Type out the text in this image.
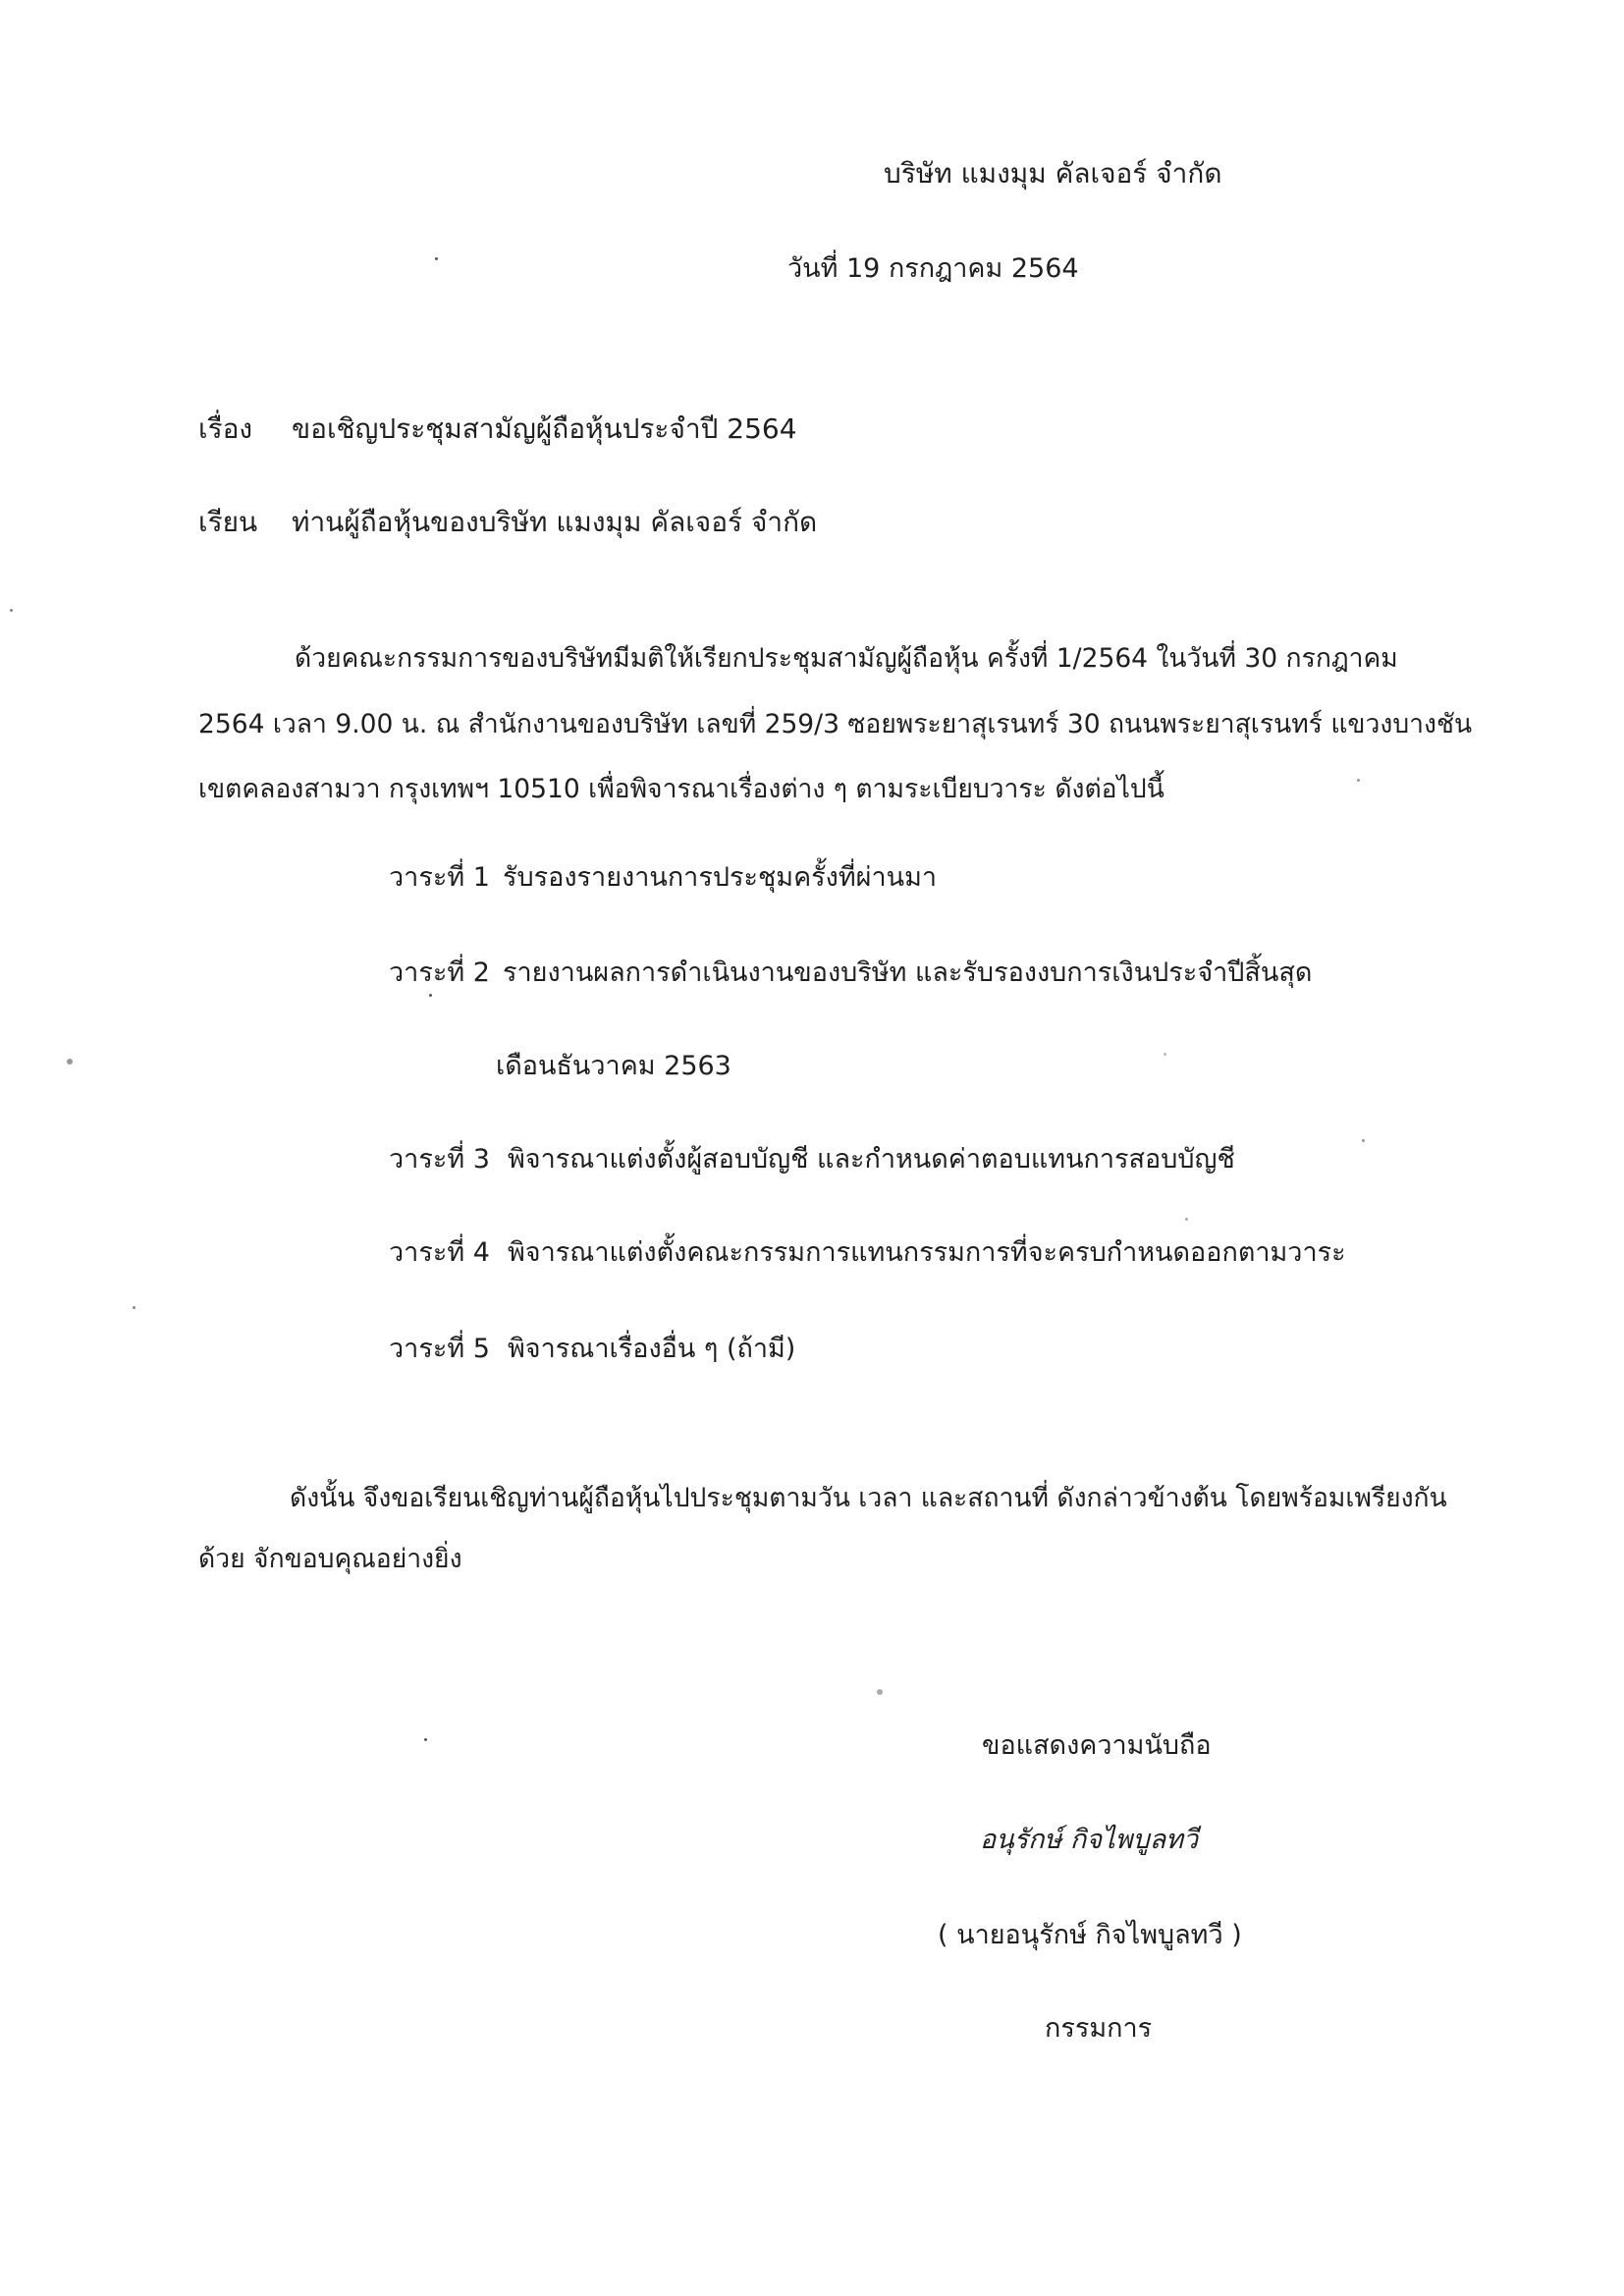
บริษัท แมงมุม คัลเจอร์ จำกัด
วันที่ 19 กรกฎาคม 2564
เรื่อง ขอเชิญประชุมสามัญผู้ถือหุ้นประจำปี 2564
เรียน ท่านผู้ถือหุ้นของบริษัท แมงมุม คัลเจอร์ จำกัด
ด้วยคณะกรรมการของบริษัทมีมติให้เรียกประชุมสามัญผู้ถือหุ้น ครั้งที่ 1/2564 ในวันที่ 30 กรกฎาคม
2564 เวลา 9.00 น. ณ สำนักงานของบริษัท เลขที่ 259/3 ซอยพระยาสุเรนทร์ 30 ถนนพระยาสุเรนทร์ แขวงบางชัน
เขตคลองสามวา กรุงเทพฯ 10510 เพื่อพิจารณาเรื่องต่าง ๆ ตามระเบียบวาระ ดังต่อไปนี้
วาระที่ 1 รับรองรายงานการประชุมครั้งที่ผ่านมา
วาระที่ 2 รายงานผลการดำเนินงานของบริษัท และรับรองงบการเงินประจำปีสิ้นสุด
เดือนธันวาคม 2563
วาระที่ 3 พิจารณาแต่งตั้งผู้สอบบัญชี และกำหนดค่าตอบแทนการสอบบัญชี
วาระที่ 4 พิจารณาแต่งตั้งคณะกรรมการแทนกรรมการที่จะครบกำหนดออกตามวาระ
วาระที่ 5 พิจารณาเรื่องอื่น ๆ (ถ้ามี)
ดังนั้น จึงขอเรียนเชิญท่านผู้ถือหุ้นไปประชุมตามวัน เวลา และสถานที่ ดังกล่าวข้างต้น โดยพร้อมเพรียงกัน
ด้วย จักขอบคุณอย่างยิ่ง
ขอแสดงความนับถือ
อนุรักษ์ กิจไพบูลทวี
( นายอนุรักษ์ กิจไพบูลทวี )
กรรมการ
